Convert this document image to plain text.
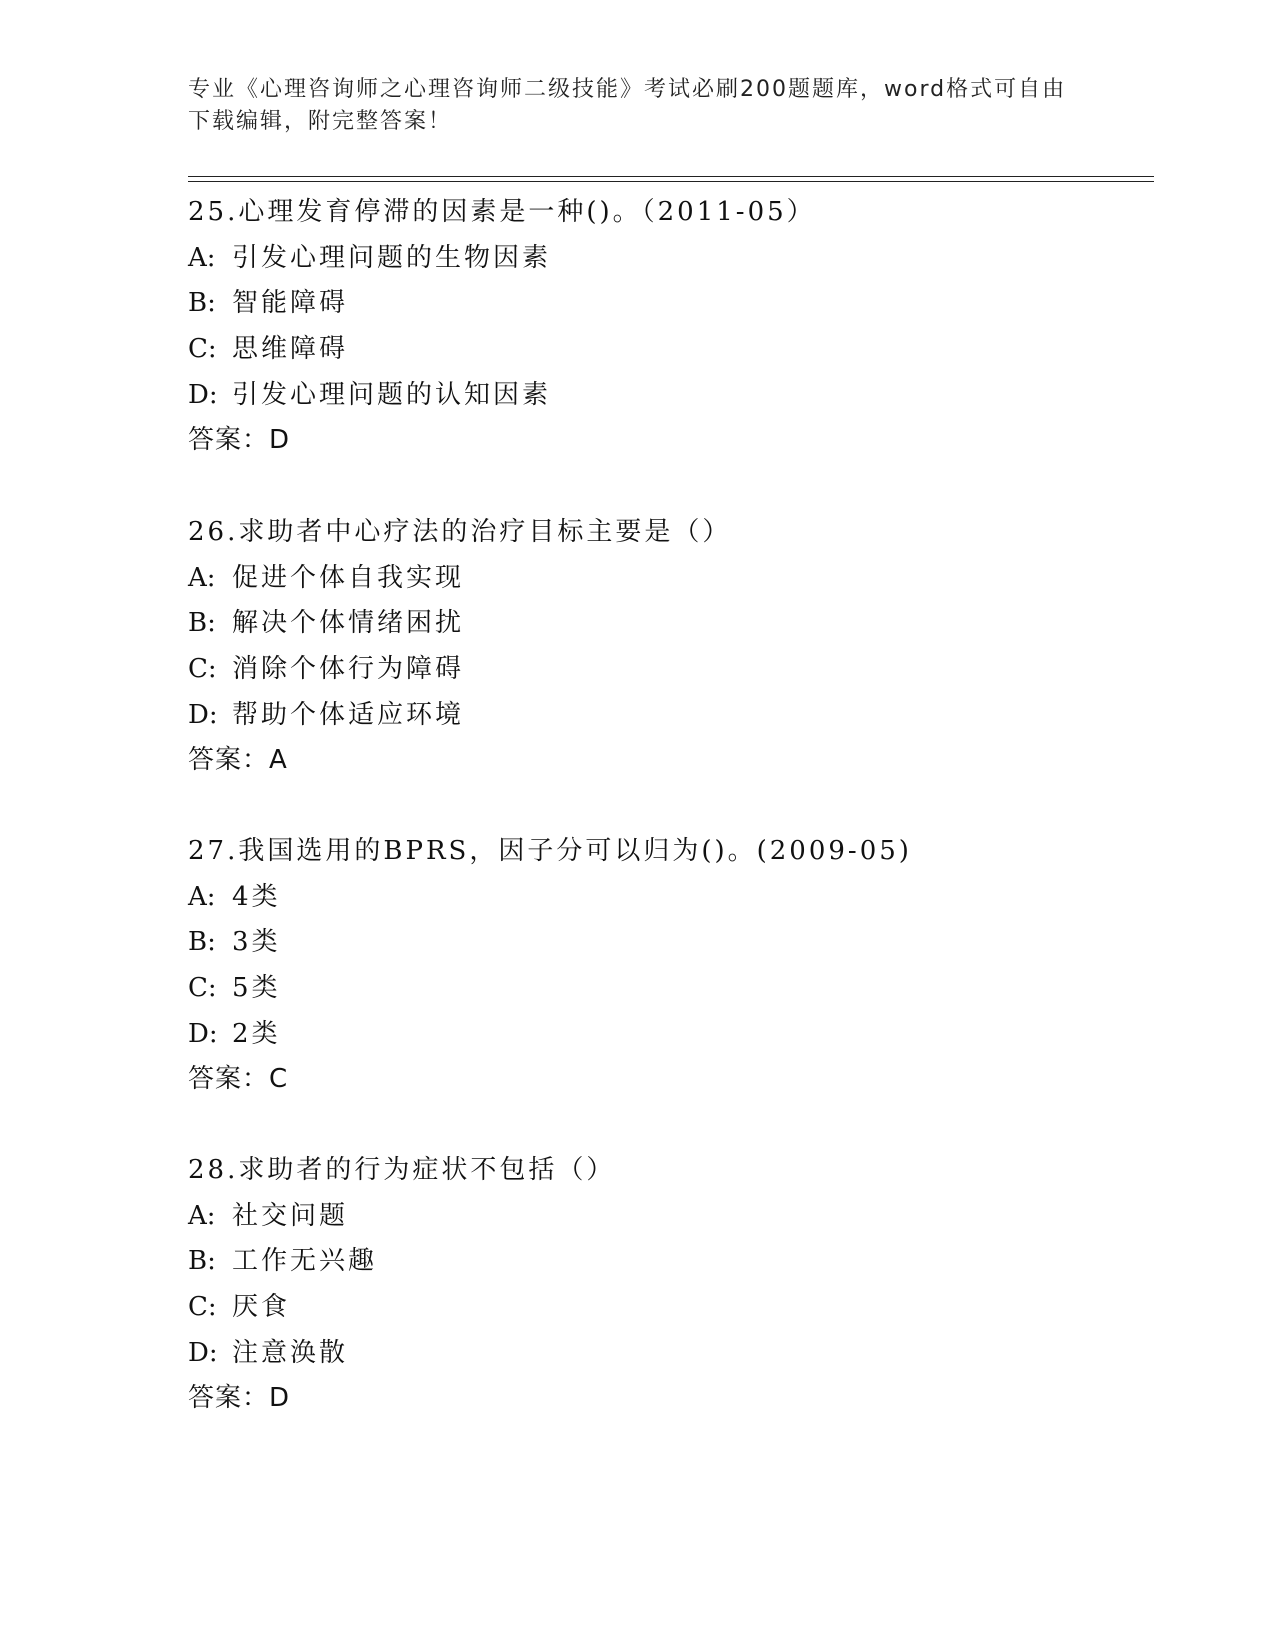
专业《心理咨询师之心理咨询师二级技能》考试必刷200题题库，word格式可自由下载编辑，附完整答案！
25.心理发育停滞的因素是一种()。（2011-05）
A: 引发心理问题的生物因素
B: 智能障碍
C: 思维障碍
D: 引发心理问题的认知因素
答案：D
26.求助者中心疗法的治疗目标主要是（）
A: 促进个体自我实现
B: 解决个体情绪困扰
C: 消除个体行为障碍
D: 帮助个体适应环境
答案：A
27.我国选用的BPRS，因子分可以归为()。(2009-05)
A: 4类
B: 3类
C: 5类
D: 2类
答案：C
28.求助者的行为症状不包括（）
A: 社交问题
B: 工作无兴趣
C: 厌食
D: 注意涣散
答案：D
